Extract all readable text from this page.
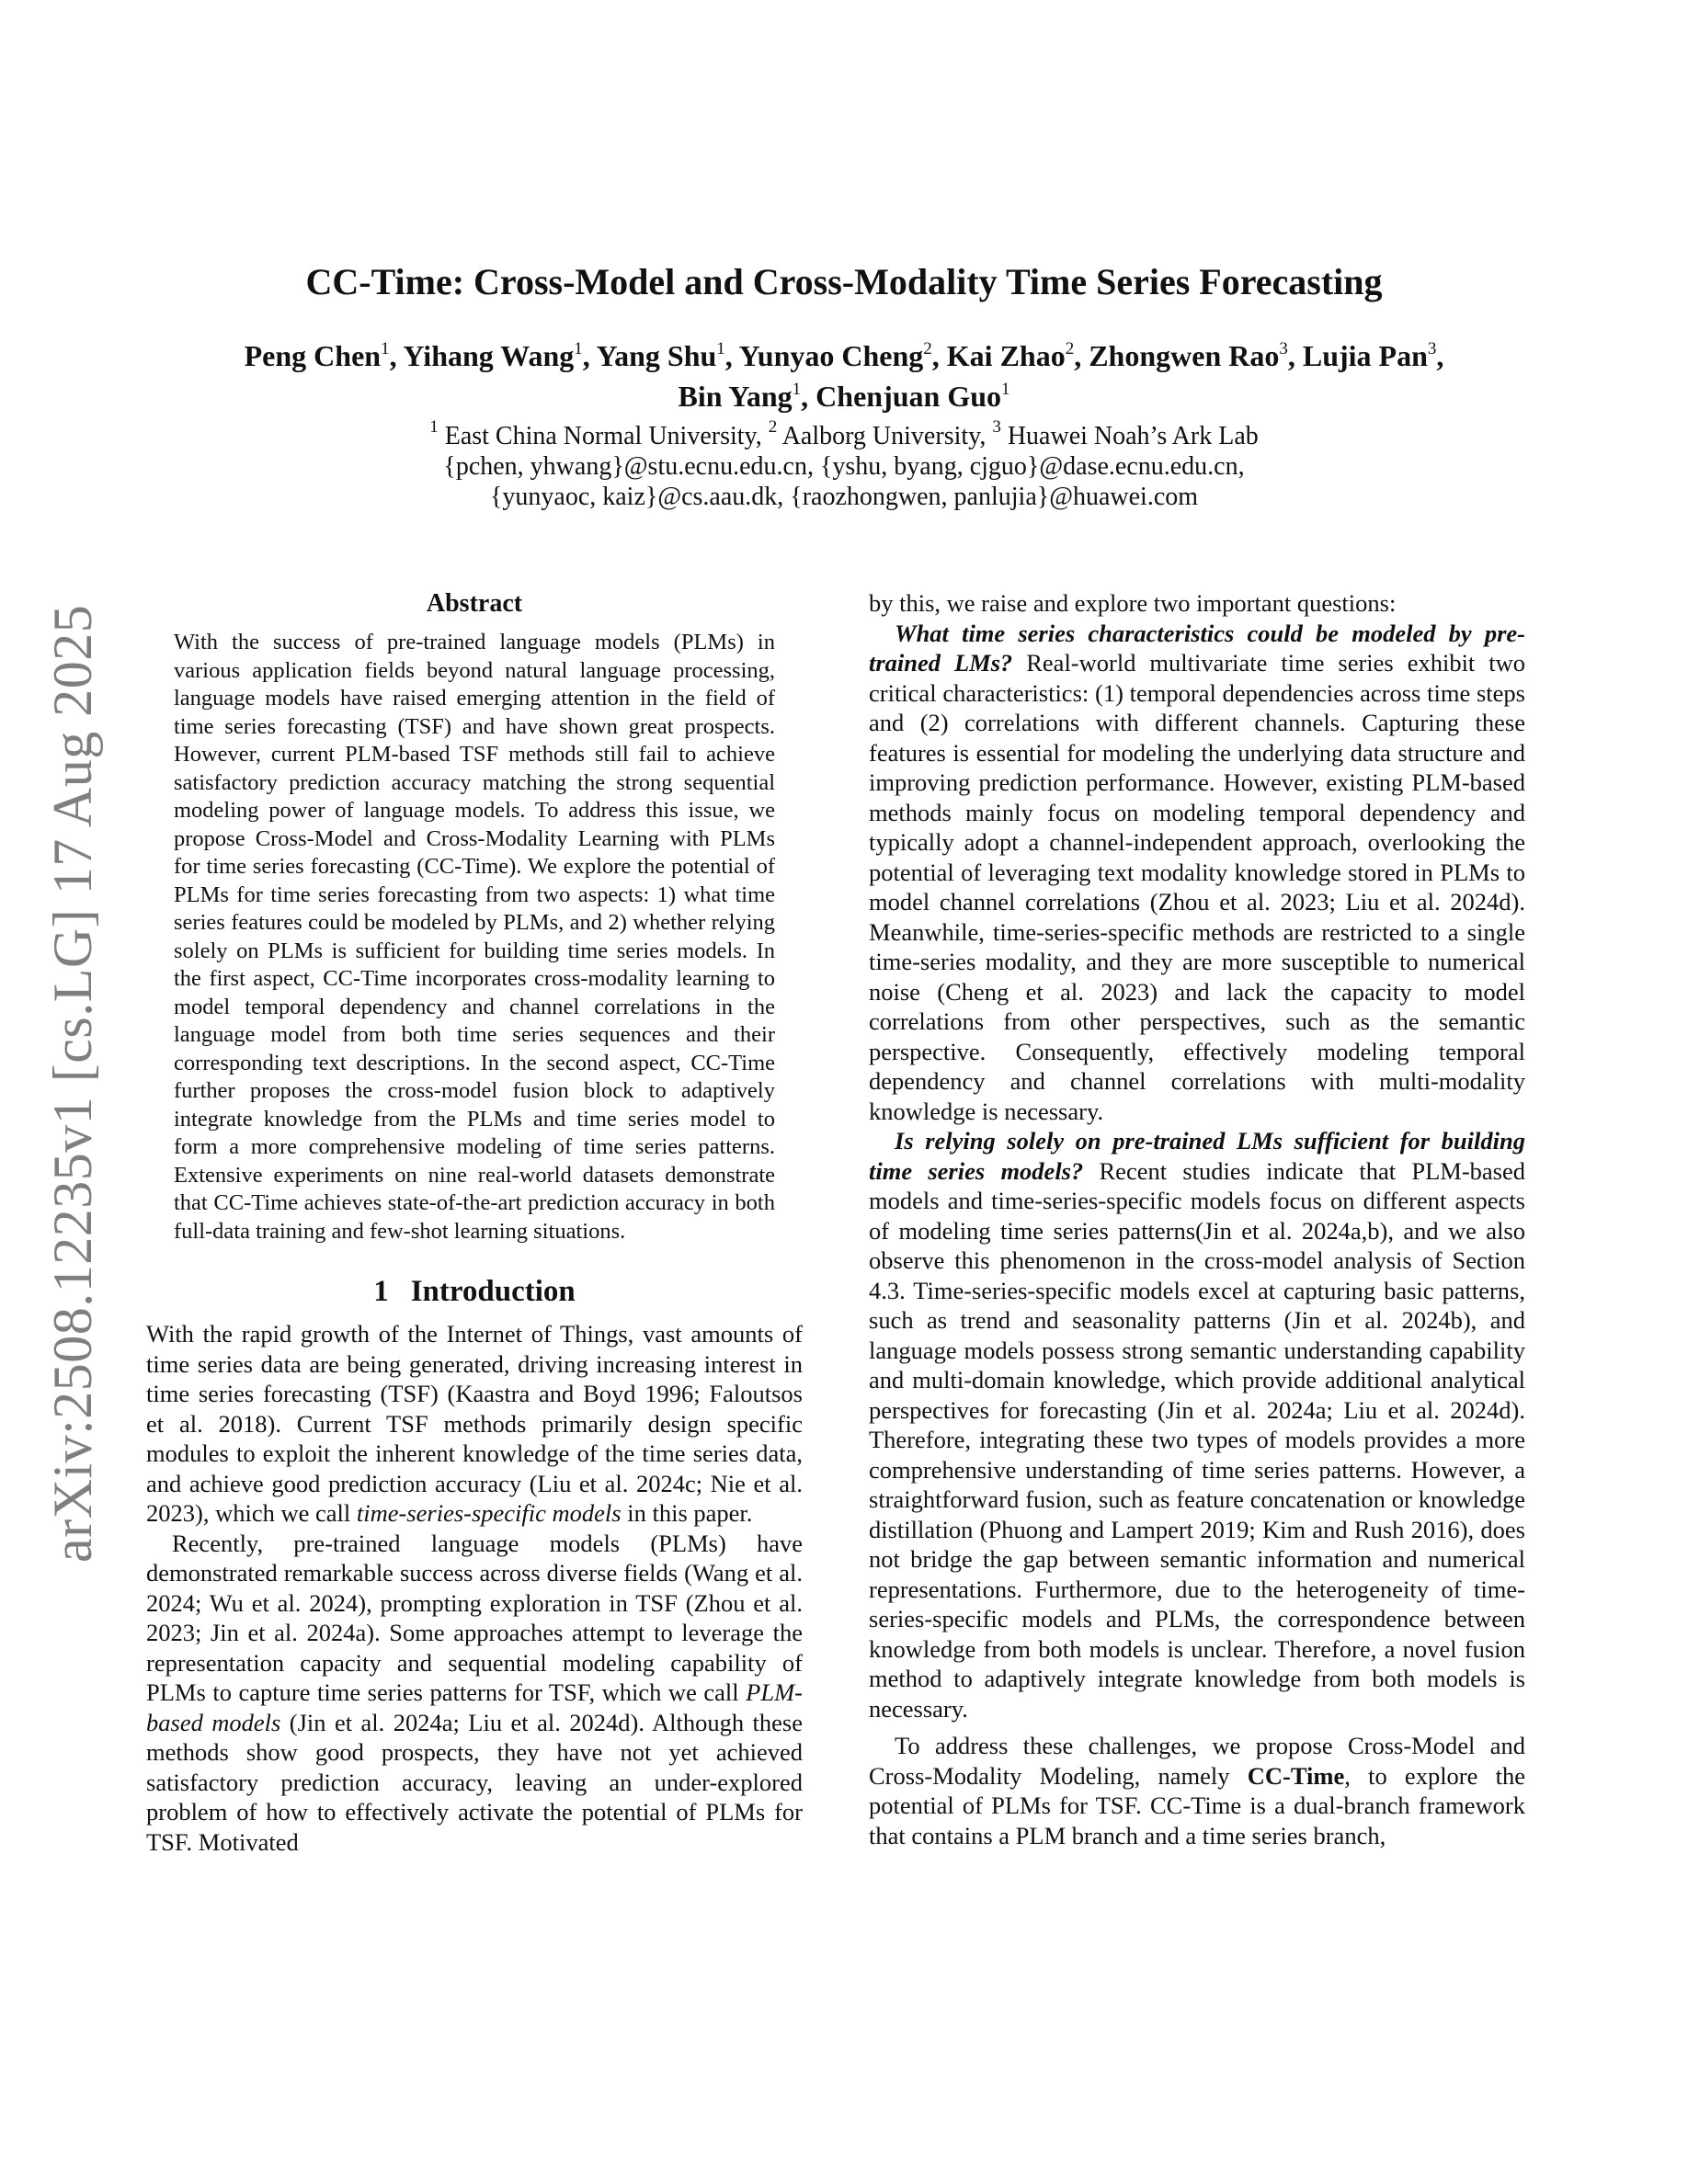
arXiv:2508.12235v1 [cs.LG] 17 Aug 2025
CC-Time: Cross-Model and Cross-Modality Time Series Forecasting
Peng Chen$^1$, Yihang Wang$^1$, Yang Shu$^1$, Yunyao Cheng$^2$, Kai Zhao$^2$, Zhongwen Rao$^3$, Lujia Pan$^3$,
Bin Yang$^1$, Chenjuan Guo$^1$
$^1$ East China Normal University, $^2$ Aalborg University, $^3$ Huawei Noah’s Ark Lab
{pchen, yhwang}@stu.ecnu.edu.cn, {yshu, byang, cjguo}@dase.ecnu.edu.cn,
{yunyaoc, kaiz}@cs.aau.dk, {raozhongwen, panlujia}@huawei.com
Abstract

With the success of pre-trained language models (PLMs) in various application fields beyond natural language processing, language models have raised emerging attention in the field of time series forecasting (TSF) and have shown great prospects. However, current PLM-based TSF methods still fail to achieve satisfactory prediction accuracy matching the strong sequential modeling power of language models. To address this issue, we propose Cross-Model and Cross-Modality Learning with PLMs for time series forecasting (CC-Time). We explore the potential of PLMs for time series forecasting from two aspects: 1) what time series features could be modeled by PLMs, and 2) whether relying solely on PLMs is sufficient for building time series models. In the first aspect, CC-Time incorporates cross-modality learning to model temporal dependency and channel correlations in the language model from both time series sequences and their corresponding text descriptions. In the second aspect, CC-Time further proposes the cross-model fusion block to adaptively integrate knowledge from the PLMs and time series model to form a more comprehensive modeling of time series patterns. Extensive experiments on nine real-world datasets demonstrate that CC-Time achieves state-of-the-art prediction accuracy in both full-data training and few-shot learning situations.

1 Introduction

With the rapid growth of the Internet of Things, vast amounts of time series data are being generated, driving increasing interest in time series forecasting (TSF) (Kaastra and Boyd 1996; Faloutsos et al. 2018). Current TSF methods primarily design specific modules to exploit the inherent knowledge of the time series data, and achieve good prediction accuracy (Liu et al. 2024c; Nie et al. 2023), which we call time-series-specific models in this paper.

Recently, pre-trained language models (PLMs) have demonstrated remarkable success across diverse fields (Wang et al. 2024; Wu et al. 2024), prompting exploration in TSF (Zhou et al. 2023; Jin et al. 2024a). Some approaches attempt to leverage the representation capacity and sequential modeling capability of PLMs to capture time series patterns for TSF, which we call PLM-based models (Jin et al. 2024a; Liu et al. 2024d). Although these methods show good prospects, they have not yet achieved satisfactory prediction accuracy, leaving an under-explored problem of how to effectively activate the potential of PLMs for TSF. Motivated

by this, we raise and explore two important questions:

What time series characteristics could be modeled by pre-trained LMs? Real-world multivariate time series exhibit two critical characteristics: (1) temporal dependencies across time steps and (2) correlations with different channels. Capturing these features is essential for modeling the underlying data structure and improving prediction performance. However, existing PLM-based methods mainly focus on modeling temporal dependency and typically adopt a channel-independent approach, overlooking the potential of leveraging text modality knowledge stored in PLMs to model channel correlations (Zhou et al. 2023; Liu et al. 2024d). Meanwhile, time-series-specific methods are restricted to a single time-series modality, and they are more susceptible to numerical noise (Cheng et al. 2023) and lack the capacity to model correlations from other perspectives, such as the semantic perspective. Consequently, effectively modeling temporal dependency and channel correlations with multi-modality knowledge is necessary.

Is relying solely on pre-trained LMs sufficient for building time series models? Recent studies indicate that PLM-based models and time-series-specific models focus on different aspects of modeling time series patterns(Jin et al. 2024a,b), and we also observe this phenomenon in the cross-model analysis of Section 4.3. Time-series-specific models excel at capturing basic patterns, such as trend and seasonality patterns (Jin et al. 2024b), and language models possess strong semantic understanding capability and multi-domain knowledge, which provide additional analytical perspectives for forecasting (Jin et al. 2024a; Liu et al. 2024d). Therefore, integrating these two types of models provides a more comprehensive understanding of time series patterns. However, a straightforward fusion, such as feature concatenation or knowledge distillation (Phuong and Lampert 2019; Kim and Rush 2016), does not bridge the gap between semantic information and numerical representations. Furthermore, due to the heterogeneity of time-series-specific models and PLMs, the correspondence between knowledge from both models is unclear. Therefore, a novel fusion method to adaptively integrate knowledge from both models is necessary.

To address these challenges, we propose Cross-Model and Cross-Modality Modeling, namely CC-Time, to explore the potential of PLMs for TSF. CC-Time is a dual-branch framework that contains a PLM branch and a time series branch,
